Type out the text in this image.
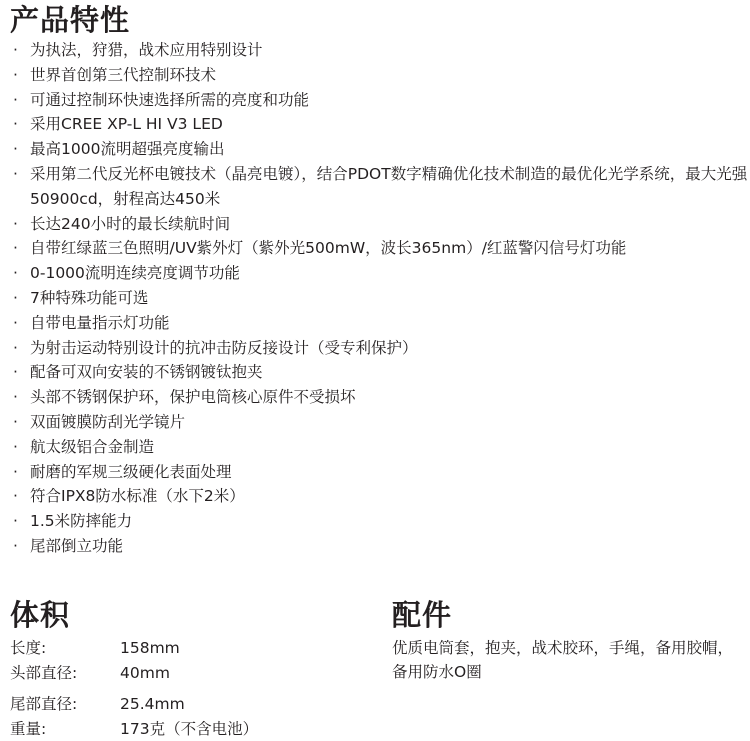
产品特性
· 为执法，狩猎，战术应用特别设计
· 世界首创第三代控制环技术
· 可通过控制环快速选择所需的亮度和功能
· 采用CREE XP-L HI V3 LED
· 最高1000流明超强亮度输出
· 采用第二代反光杯电镀技术（晶亮电镀），结合PDOT数字精确优化技术制造的最优化光学系统，最大光强50900cd，射程高达450米
· 长达240小时的最长续航时间
· 自带红绿蓝三色照明/UV紫外灯（紫外光500mW，波长365nm）/红蓝警闪信号灯功能
· 0-1000流明连续亮度调节功能
· 7种特殊功能可选
· 自带电量指示灯功能
· 为射击运动特别设计的抗冲击防反接设计（受专利保护）
· 配备可双向安装的不锈钢镀钛抱夹
· 头部不锈钢保护环，保护电筒核心原件不受损坏
· 双面镀膜防刮光学镜片
· 航太级铝合金制造
· 耐磨的军规三级硬化表面处理
· 符合IPX8防水标准（水下2米）
· 1.5米防摔能力
· 尾部倒立功能
体积
长度:	158mm
头部直径:	40mm
尾部直径:	25.4mm
重量:	173克（不含电池）
配件
优质电筒套，抱夹，战术胶环，手绳，备用胶帽，备用防水O圈
